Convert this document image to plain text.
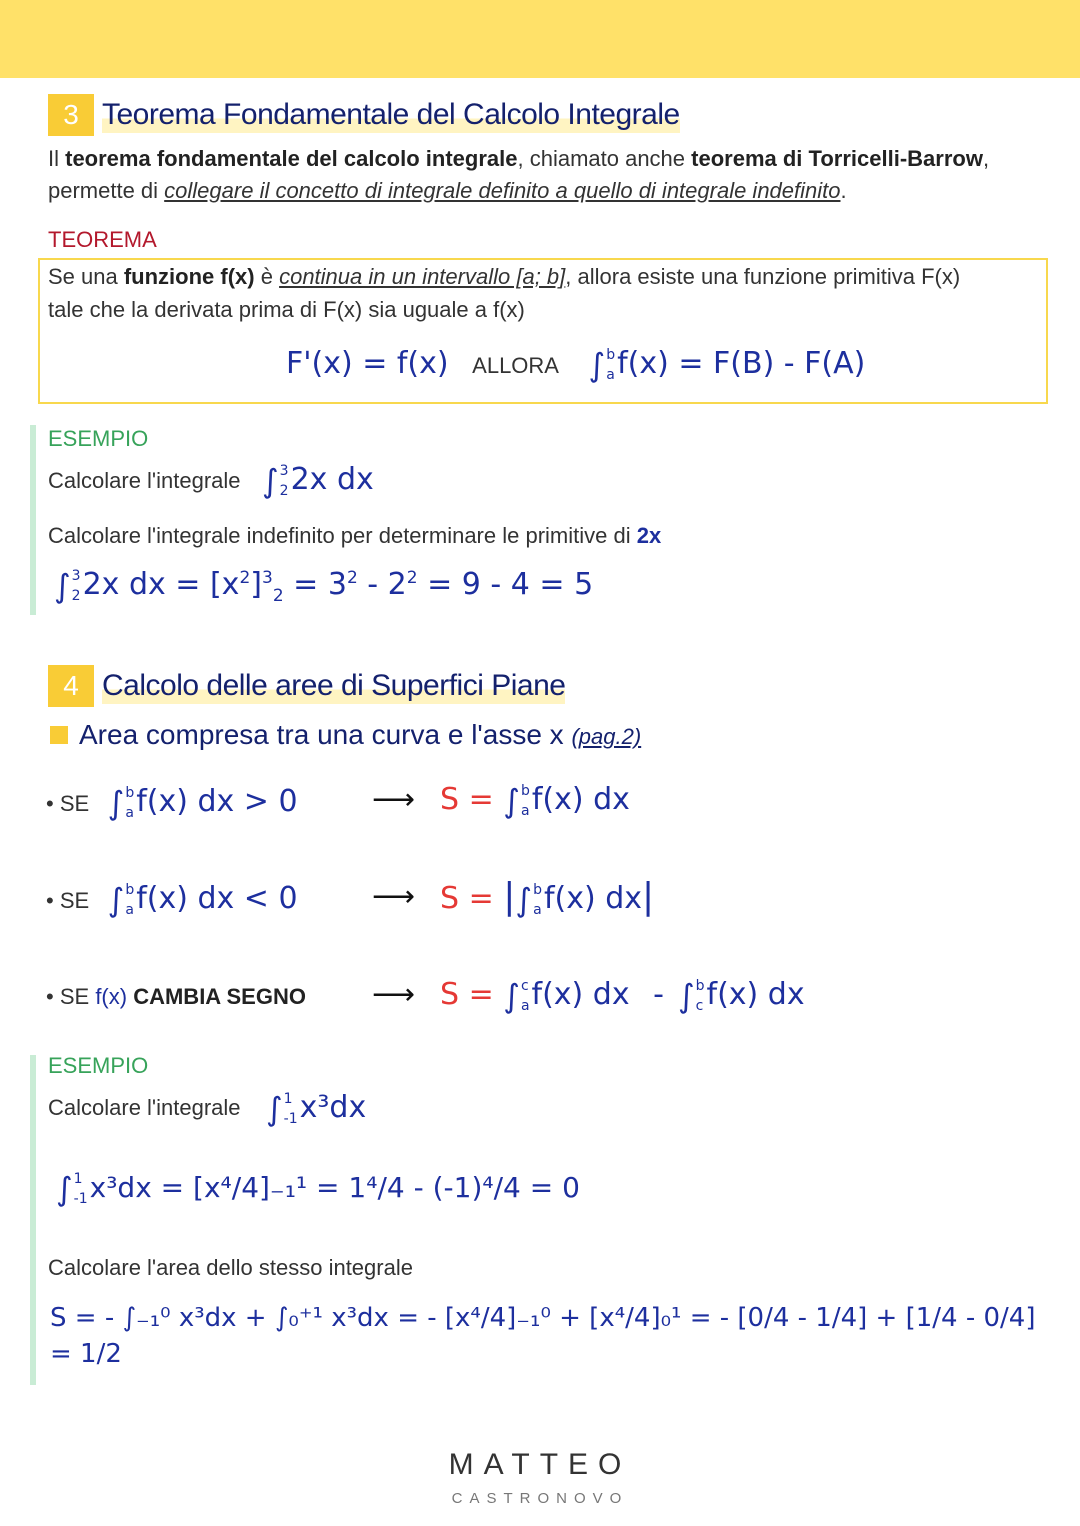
3 Teorema Fondamentale del Calcolo Integrale
Il teorema fondamentale del calcolo integrale, chiamato anche teorema di Torricelli-Barrow,
permette di collegare il concetto di integrale definito a quello di integrale indefinito.
TEOREMA
Se una funzione f(x) è continua in un intervallo [a; b], allora esiste una funzione primitiva F(x)
tale che la derivata prima di F(x) sia uguale a f(x)
F'(x) = f(x) ALLORA ∫ b
a f(x) = F(B) - F(A)
ESEMPIO
Calcolare l'integrale ∫ 3
2 2x dx
Calcolare l'integrale indefinito per determinare le primitive di 2x
∫ 3
2 2x dx = $[x^2]^3_2 = 3^2 - 2^2 = 9 - 4 = 5$
4 Calcolo delle aree di Superfici Piane
Area compresa tra una curva e l'asse x (pag.2)
• SE ∫ b
a f(x) dx > 0 ⟶ S = ∫ b
a f(x) dx
• SE ∫ b
a f(x) dx < 0 ⟶ S = | ∫ b
a f(x) dx|
• SE f(x) CAMBIA SEGNO ⟶ S = ∫ c
a f(x) dx - ∫ b
c f(x) dx
ESEMPIO
Calcolare l'integrale ∫ 1
-1 x³dx
∫ 1
-1 x³dx = [x⁴/4]₋₁¹ = 1⁴/4 - (-1)⁴/4 = 0
Calcolare l'area dello stesso integrale
S = - ∫₋₁⁰ x³dx + ∫₀⁺¹ x³dx = - [x⁴/4]₋₁⁰ + [x⁴/4]₀¹ = - [0/4 - 1/4] + [1/4 - 0/4] = 1/2
MATTEO
CASTRONOVO
